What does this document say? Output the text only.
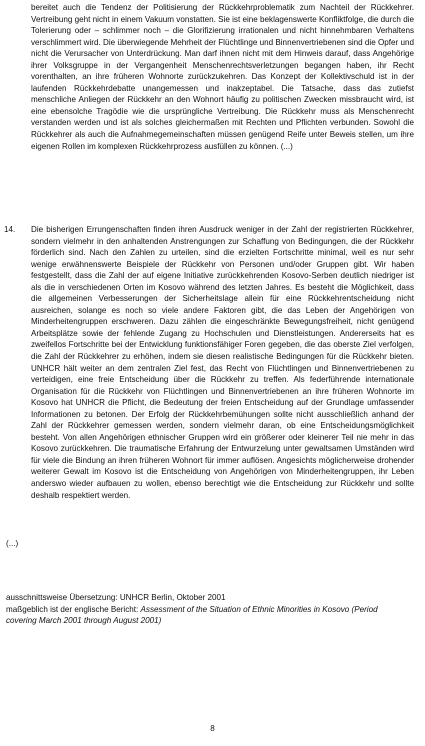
bereitet auch die Tendenz der Politisierung der Rückkehrproblematik zum Nachteil der Rückkehrer. Vertreibung geht nicht in einem Vakuum vonstatten. Sie ist eine beklagenswerte Konfliktfolge, die durch die Tolerierung oder – schlimmer noch – die Glorifizierung irrationalen und nicht hinnehmbaren Verhaltens verschlimmert wird. Die überwiegende Mehrheit der Flüchtlinge und Binnenvertriebenen sind die Opfer und nicht die Verursacher von Unterdrückung. Man darf ihnen nicht mit dem Hinweis darauf, dass Angehörige ihrer Volksgruppe in der Vergangenheit Menschenrechtsverletzungen begangen haben, ihr Recht vorenthalten, an ihre früheren Wohnorte zurückzukehren. Das Konzept der Kollektivschuld ist in der laufenden Rückkehrdebatte unangemessen und inakzeptabel. Die Tatsache, dass das zutiefst menschliche Anliegen der Rückkehr an den Wohnort häufig zu politischen Zwecken missbraucht wird, ist eine ebensolche Tragödie wie die ursprüngliche Vertreibung. Die Rückkehr muss als Menschenrecht verstanden werden und ist als solches gleichermaßen mit Rechten und Pflichten verbunden. Sowohl die Rückkehrer als auch die Aufnahmegemeinschaften müssen genügend Reife unter Beweis stellen, um ihre eigenen Rollen im komplexen Rückkehrprozess ausfüllen zu können. (...)
14. Die bisherigen Errungenschaften finden ihren Ausdruck weniger in der Zahl der registrierten Rückkehrer, sondern vielmehr in den anhaltenden Anstrengungen zur Schaffung von Bedingungen, die der Rückkehr förderlich sind. Nach den Zahlen zu urteilen, sind die erzielten Fortschritte minimal, weil es nur sehr wenige erwähnenswerte Beispiele der Rückkehr von Personen und/oder Gruppen gibt. Wir haben festgestellt, dass die Zahl der auf eigene Initiative zurückkehrenden Kosovo-Serben deutlich niedriger ist als die in verschiedenen Orten im Kosovo während des letzten Jahres. Es besteht die Möglichkeit, dass die allgemeinen Verbesserungen der Sicherheitslage allein für eine Rückkehrentscheidung nicht ausreichen, solange es noch so viele andere Faktoren gibt, die das Leben der Angehörigen von Minderheitengruppen erschweren. Dazu zählen die eingeschränkte Bewegungsfreiheit, nicht genügend Arbeitsplätze sowie der fehlende Zugang zu Hochschulen und Dienstleistungen. Andererseits hat es zweifellos Fortschritte bei der Entwicklung funktionsfähiger Foren gegeben, die das oberste Ziel verfolgen, die Zahl der Rückkehrer zu erhöhen, indem sie diesen realistische Bedingungen für die Rückkehr bieten. UNHCR hält weiter an dem zentralen Ziel fest, das Recht von Flüchtlingen und Binnenvertriebenen zu verteidigen, eine freie Entscheidung über die Rückkehr zu treffen. Als federführende internationale Organisation für die Rückkehr von Flüchtlingen und Binnenvertriebenen an ihre früheren Wohnorte im Kosovo hat UNHCR die Pflicht, die Bedeutung der freien Entscheidung auf der Grundlage umfassender Informationen zu betonen. Der Erfolg der Rückkehrbemühungen sollte nicht ausschließlich anhand der Zahl der Rückkehrer gemessen werden, sondern vielmehr daran, ob eine Entscheidungsmöglichkeit besteht. Von allen Angehörigen ethnischer Gruppen wird ein größerer oder kleinerer Teil nie mehr in das Kosovo zurückkehren. Die traumatische Erfahrung der Entwurzelung unter gewaltsamen Umständen wird für viele die Bindung an ihren früheren Wohnort für immer auflösen. Angesichts möglicherweise drohender weiterer Gewalt im Kosovo ist die Entscheidung von Angehörigen von Minderheitengruppen, ihr Leben anderswo wieder aufbauen zu wollen, ebenso berechtigt wie die Entscheidung zur Rückkehr und sollte deshalb respektiert werden.
(...)
ausschnittsweise Übersetzung: UNHCR Berlin, Oktober 2001
maßgeblich ist der englische Bericht: Assessment of the Situation of Ethnic Minorities in Kosovo (Period covering March 2001 through August 2001)
8
